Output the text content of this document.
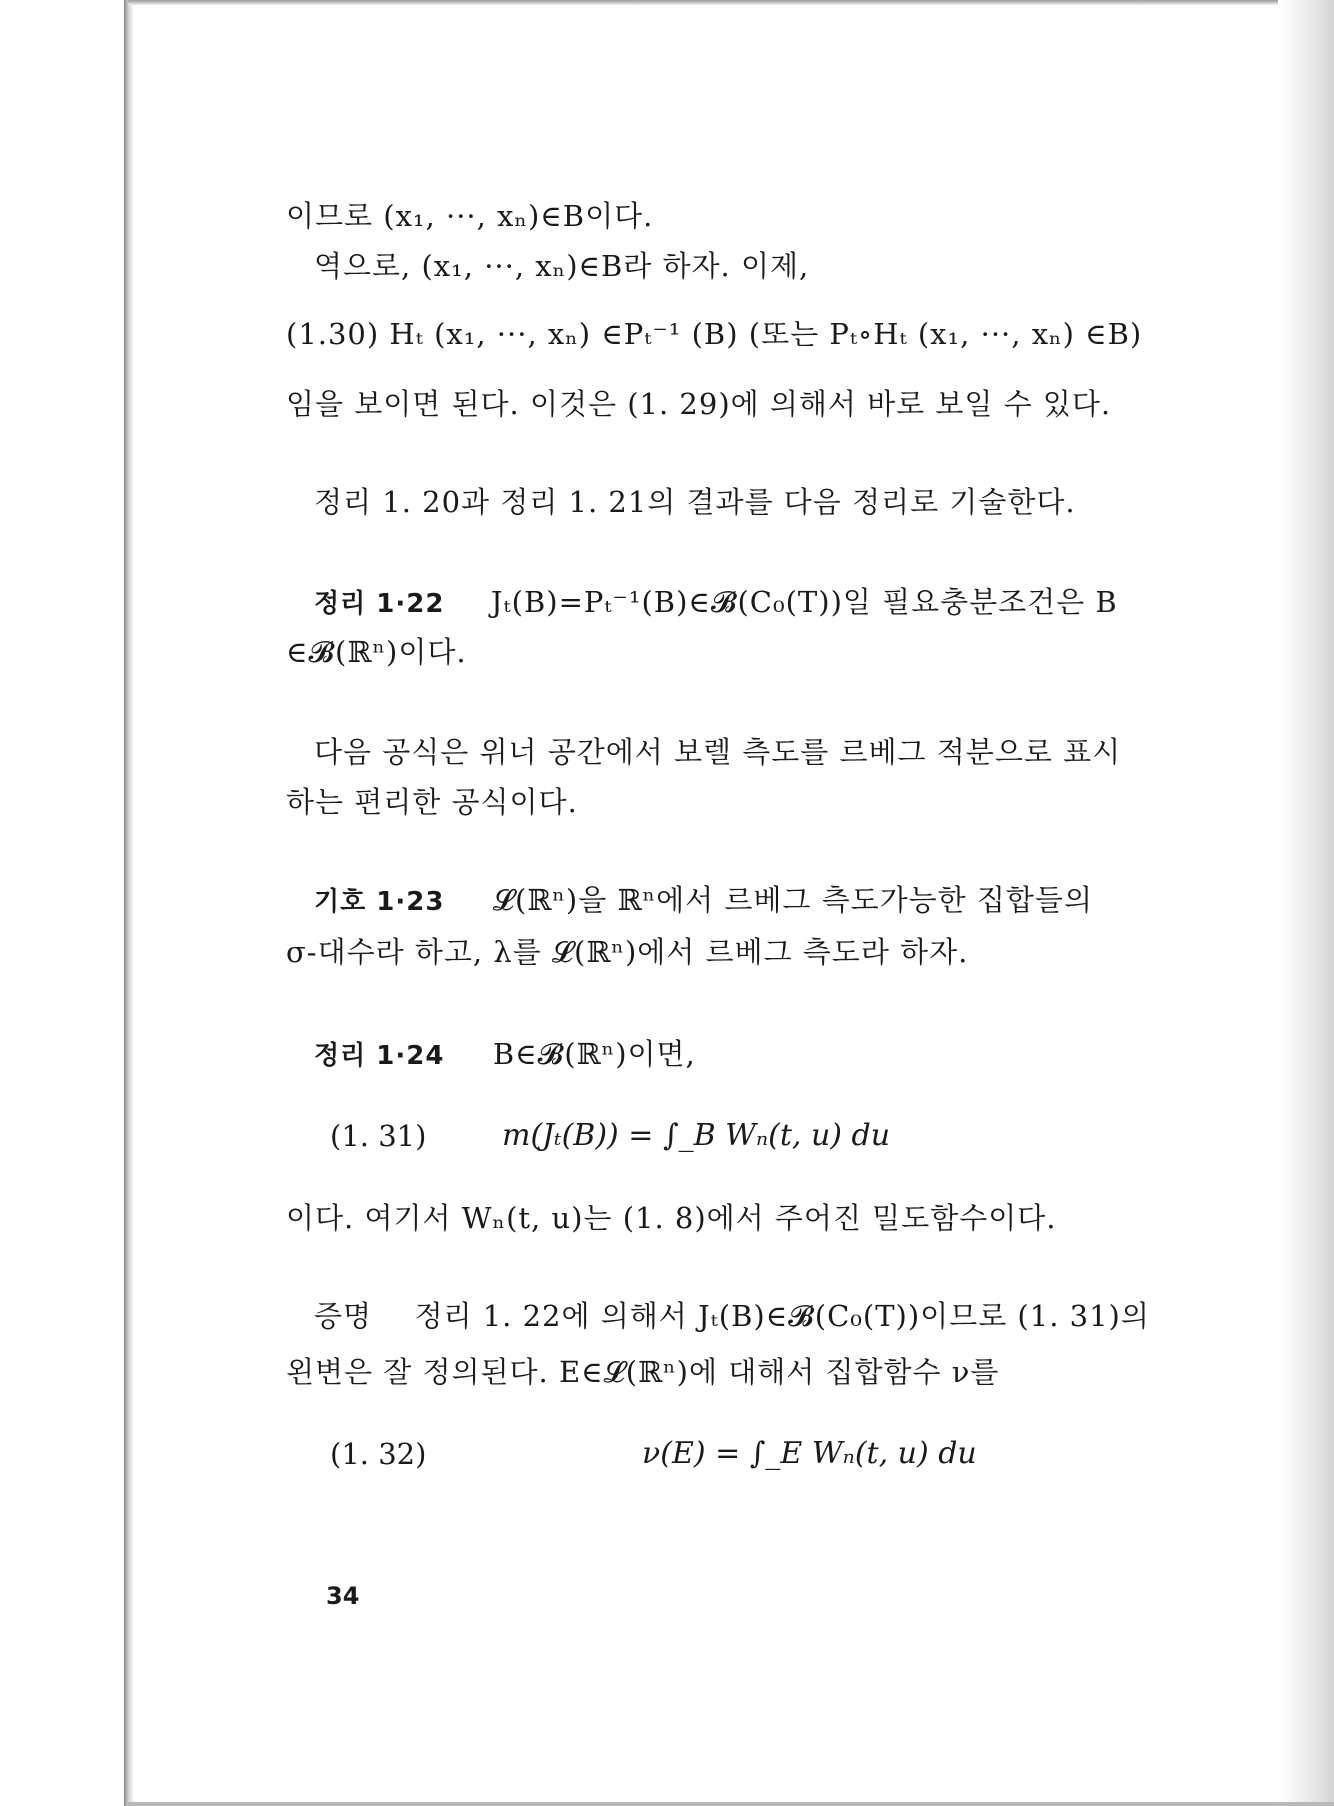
이므로 (x₁, ···, xₙ)∈B이다.
역으로, (x₁, ···, xₙ)∈B라 하자. 이제,
(1.30) Hₜ (x₁, ···, xₙ) ∈Pₜ⁻¹ (B) (또는 Pₜ∘Hₜ (x₁, ···, xₙ) ∈B)
임을 보이면 된다. 이것은 (1. 29)에 의해서 바로 보일 수 있다.
정리 1. 20과 정리 1. 21의 결과를 다음 정리로 기술한다.
정리 1·22 Jₜ(B)=Pₜ⁻¹(B)∈𝓑(C₀(T))일 필요충분조건은 B
∈𝓑(ℝⁿ)이다.
다음 공식은 위너 공간에서 보렐 측도를 르베그 적분으로 표시
하는 편리한 공식이다.
기호 1·23 𝓛(ℝⁿ)을 ℝⁿ에서 르베그 측도가능한 집합들의
σ-대수라 하고, λ를 𝓛(ℝⁿ)에서 르베그 측도라 하자.
정리 1·24 B∈𝓑(ℝⁿ)이면,
(1. 31)	m(Jₜ(B)) = ∫_B Wₙ(t, u) du
이다. 여기서 Wₙ(t, u)는 (1. 8)에서 주어진 밀도함수이다.
증명 정리 1. 22에 의해서 Jₜ(B)∈𝓑(C₀(T))이므로 (1. 31)의
왼변은 잘 정의된다. E∈𝓛(ℝⁿ)에 대해서 집합함수 ν를
(1. 32)	ν(E) = ∫_E Wₙ(t, u) du
34
